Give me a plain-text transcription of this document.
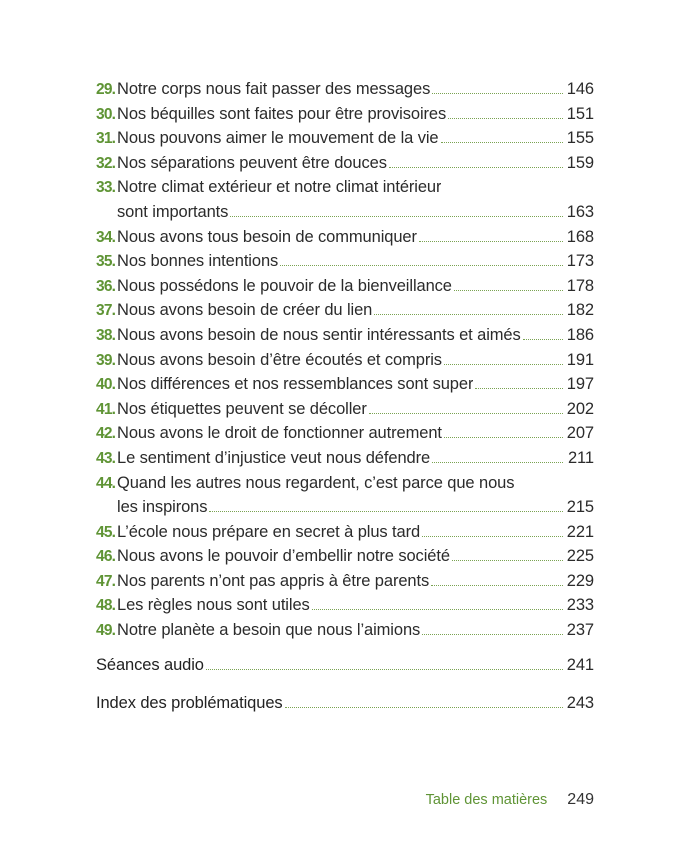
29. Notre corps nous fait passer des messages	146
30. Nos béquilles sont faites pour être provisoires	151
31. Nous pouvons aimer le mouvement de la vie	155
32. Nos séparations peuvent être douces	159
33. Notre climat extérieur et notre climat intérieur
sont importants	163
34. Nous avons tous besoin de communiquer	168
35. Nos bonnes intentions	173
36. Nous possédons le pouvoir de la bienveillance	178
37. Nous avons besoin de créer du lien	182
38. Nous avons besoin de nous sentir intéressants et aimés	186
39. Nous avons besoin d’être écoutés et compris	191
40. Nos différences et nos ressemblances sont super	197
41. Nos étiquettes peuvent se décoller	202
42. Nous avons le droit de fonctionner autrement	207
43. Le sentiment d’injustice veut nous défendre	211
44. Quand les autres nous regardent, c’est parce que nous
les inspirons	215
45. L’école nous prépare en secret à plus tard	221
46. Nous avons le pouvoir d’embellir notre société	225
47. Nos parents n’ont pas appris à être parents	229
48. Les règles nous sont utiles	233
49. Notre planète a besoin que nous l’aimions	237
Séances audio	241
Index des problématiques	243
Table des matières 249
